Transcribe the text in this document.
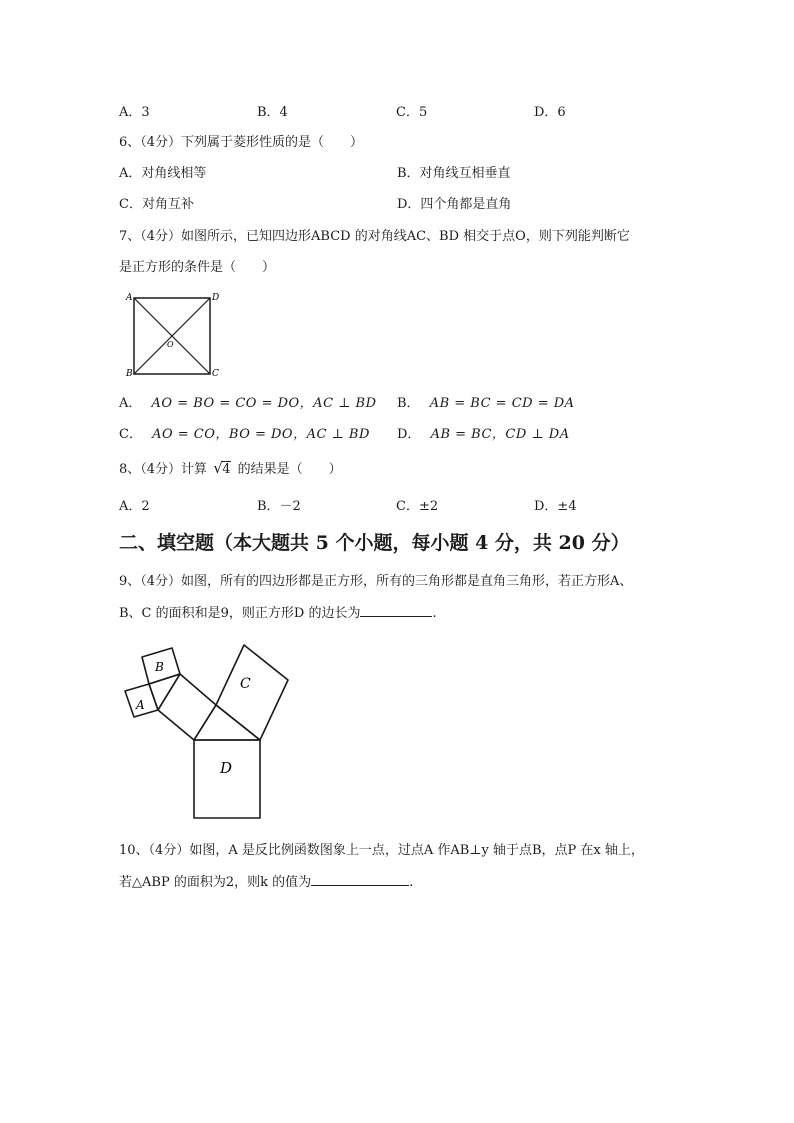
A．3	B．4	C．5	D．6
6、（4分）下列属于菱形性质的是（　　）
A．对角线相等	B．对角线互相垂直
C．对角互补	D．四个角都是直角
7、（4分）如图所示，已知四边形ABCD 的对角线AC、BD 相交于点O，则下列能判断它
是正方形的条件是（　　）
A	D
B	C
O
A． AO = BO = CO = DO，AC ⊥ BD B． AB = BC = CD = DA
C． AO = CO，BO = DO，AC ⊥ BD D． AB = BC，CD ⊥ DA
8、（4分）计算 √ 4 的结果是（　　）
A．2	B．－2	C．±2	D．±4
二、填空题（本大题共 5 个小题，每小题 4 分，共 20 分）
9、（4分）如图，所有的四边形都是正方形，所有的三角形都是直角三角形，若正方形A、
B、C 的面积和是9，则正方形D 的边长为	.
D
C
A
B
10、（4分）如图，A 是反比例函数图象上一点，过点A 作AB⊥y 轴于点B，点P 在x 轴上，
若△ABP 的面积为2，则k 的值为	.
